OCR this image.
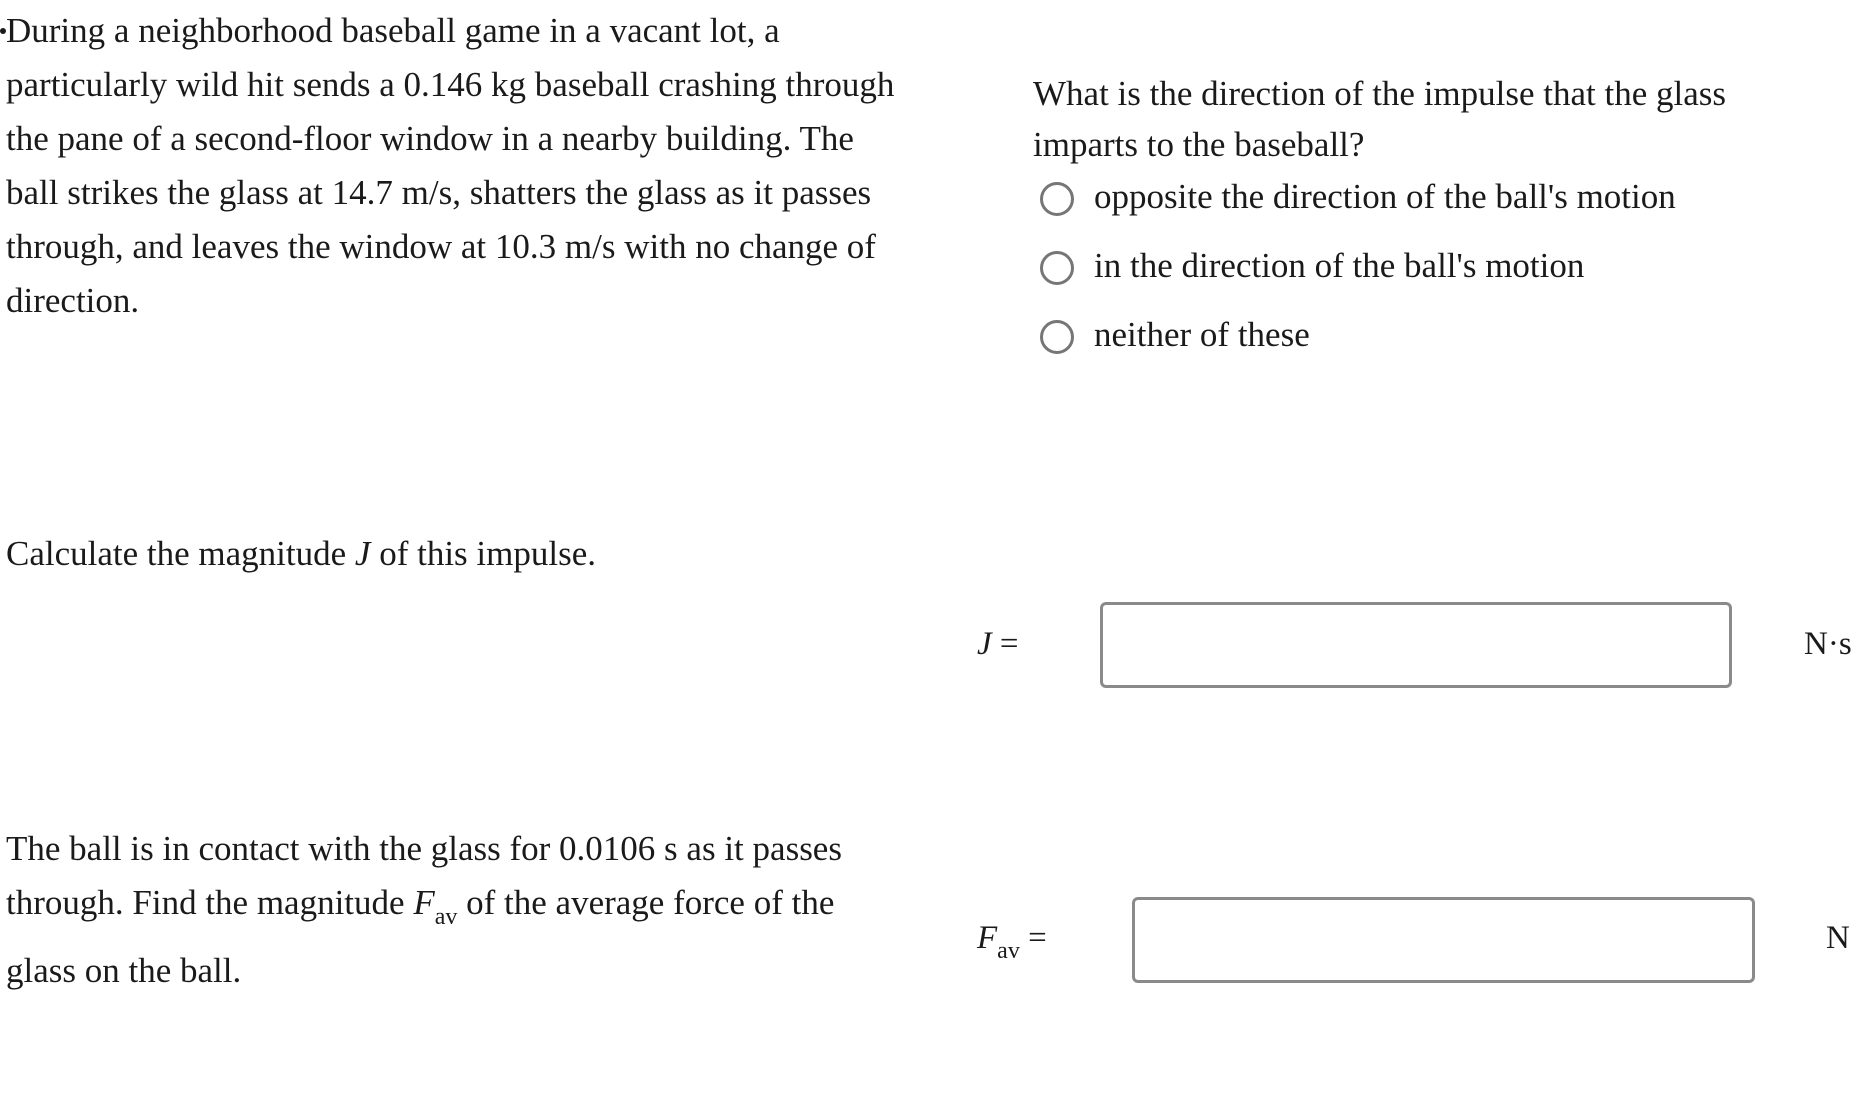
During a neighborhood baseball game in a vacant lot, a particularly wild hit sends a 0.146 kg baseball crashing through the pane of a second-floor window in a nearby building. The ball strikes the glass at 14.7 m/s, shatters the glass as it passes through, and leaves the window at 10.3 m/s with no change of direction.
What is the direction of the impulse that the glass imparts to the baseball?
opposite the direction of the ball's motion
in the direction of the ball's motion
neither of these
Calculate the magnitude J of this impulse.
J =	N·s
The ball is in contact with the glass for 0.0106 s as it passes through. Find the magnitude $F_{av}$ of the average force of the glass on the ball.
$F_{av}$ =	N
